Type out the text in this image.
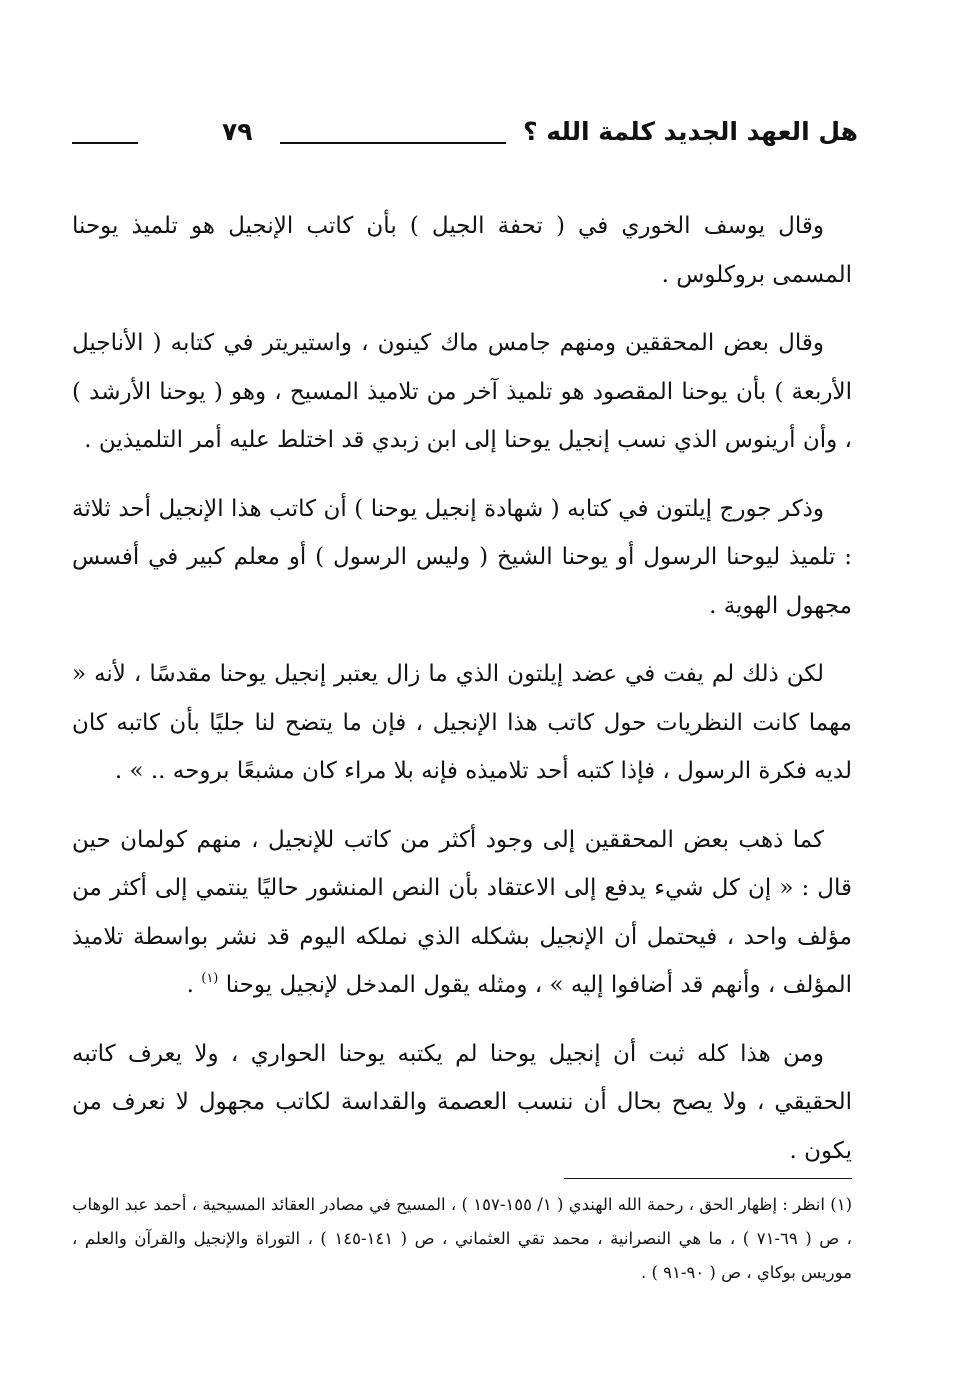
هل العهد الجديد كلمة الله ؟
٧٩

وقال يوسف الخوري في ( تحفة الجيل ) بأن كاتب الإنجيل هو تلميذ يوحنا المسمى بروكلوس .

وقال بعض المحققين ومنهم جامس ماك كينون ، واستيريتر في كتابه ( الأناجيل الأربعة ) بأن يوحنا المقصود هو تلميذ آخر من تلاميذ المسيح ، وهو ( يوحنا الأرشد ) ، وأن أرينوس الذي نسب إنجيل يوحنا إلى ابن زبدي قد اختلط عليه أمر التلميذين .

وذكر جورج إيلتون في كتابه ( شهادة إنجيل يوحنا ) أن كاتب هذا الإنجيل أحد ثلاثة : تلميذ ليوحنا الرسول أو يوحنا الشيخ ( وليس الرسول ) أو معلم كبير في أفسس مجهول الهوية .

لكن ذلك لم يفت في عضد إيلتون الذي ما زال يعتبر إنجيل يوحنا مقدسًا ، لأنه « مهما كانت النظريات حول كاتب هذا الإنجيل ، فإن ما يتضح لنا جليًا بأن كاتبه كان لديه فكرة الرسول ، فإذا كتبه أحد تلاميذه فإنه بلا مراء كان مشبعًا بروحه .. » .

كما ذهب بعض المحققين إلى وجود أكثر من كاتب للإنجيل ، منهم كولمان حين قال : « إن كل شيء يدفع إلى الاعتقاد بأن النص المنشور حاليًا ينتمي إلى أكثر من مؤلف واحد ، فيحتمل أن الإنجيل بشكله الذي نملكه اليوم قد نشر بواسطة تلاميذ المؤلف ، وأنهم قد أضافوا إليه » ، ومثله يقول المدخل لإنجيل يوحنا $^{(١)}$ .

ومن هذا كله ثبت أن إنجيل يوحنا لم يكتبه يوحنا الحواري ، ولا يعرف كاتبه الحقيقي ، ولا يصح بحال أن ننسب العصمة والقداسة لكاتب مجهول لا نعرف من يكون .

(١) انظر : إظهار الحق ، رحمة الله الهندي ( ١/ ١٥٥-١٥٧ ) ، المسيح في مصادر العقائد المسيحية ، أحمد عبد الوهاب ، ص ( ٦٩-٧١ ) ، ما هي النصرانية ، محمد تقي العثماني ، ص ( ١٤١-١٤٥ ) ، التوراة والإنجيل والقرآن والعلم ، موريس بوكاي ، ص ( ٩٠-٩١ ) .
